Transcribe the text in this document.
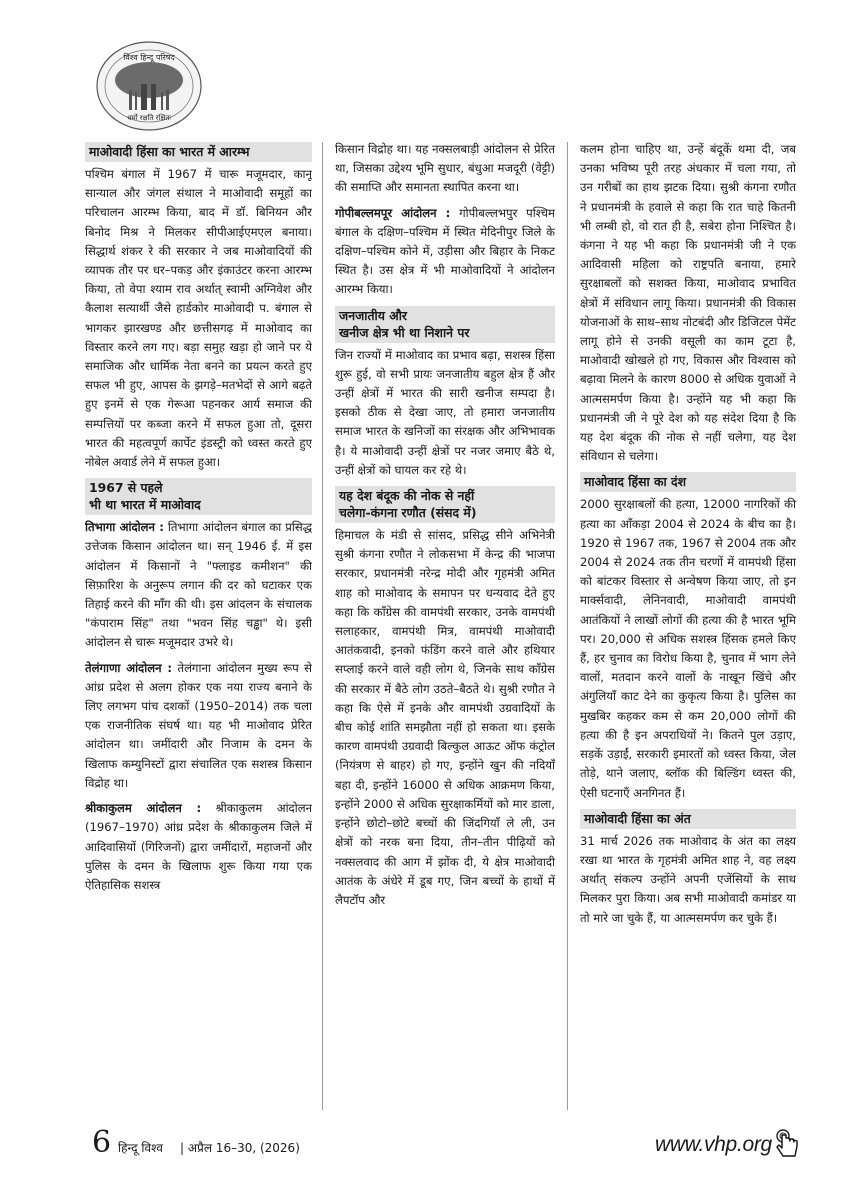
विश्व हिन्दू परिषद
धर्मो रक्षति रक्षितः
माओवादी हिंसा का भारत में आरम्भ

पश्चिम बंगाल में 1967 में चारू मजूमदार, कानू सान्याल और जंगल संथाल ने माओवादी समूहों का परिचालन आरम्भ किया, बाद में डॉ. बिनियन और बिनोद मिश्र ने मिलकर सीपीआईएमएल बनाया। सिद्धार्थ शंकर रे की सरकार ने जब माओवादियों की व्यापक तौर पर धर–पकड़ और इंकाउंटर करना आरम्भ किया, तो वेपा श्याम राव अर्थात् स्वामी अग्निवेश और कैलाश सत्यार्थी जैसे हार्डकोर माओवादी प. बंगाल से भागकर झारखण्ड और छत्तीसगढ़ में माओवाद का विस्तार करने लग गए। बड़ा समुह खड़ा हो जाने पर ये समाजिक और धार्मिक नेता बनने का प्रयत्न करते हुए सफल भी हुए, आपस के झगड़े–मतभेदों से आगे बढ़ते हुए इनमें से एक गेरूआ पहनकर आर्य समाज की सम्पत्तियों पर कब्जा करने में सफल हुआ तो, दूसरा भारत की महत्वपूर्ण कार्पेट इंडस्ट्री को ध्वस्त करते हुए नोबेल अवार्ड लेने में सफल हुआ।

1967 से पहले
भी था भारत में माओवाद

तिभागा आंदोलन : तिभागा आंदोलन बंगाल का प्रसिद्ध उत्तेजक किसान आंदोलन था। सन् 1946 ई. में इस आंदोलन में किसानों ने "फ्लाइड कमीशन" की सिफ़ारिश के अनुरूप लगान की दर को घटाकर एक तिहाई करने की माँग की थी। इस आंदलन के संचालक "कंपाराम सिंह" तथा "भवन सिंह चड्ढा" थे। इसी आंदोलन से चारू मजूमदार उभरे थे।

तेलंगाणा आंदोलन : तेलंगाना आंदोलन मुख्य रूप से आंध्र प्रदेश से अलग होकर एक नया राज्य बनाने के लिए लगभग पांच दशकों (1950–2014) तक चला एक राजनीतिक संघर्ष था। यह भी माओवाद प्रेरित आंदोलन था। जमींदारी और निजाम के दमन के खिलाफ कम्युनिस्टों द्वारा संचालित एक सशस्त्र किसान विद्रोह था।

श्रीकाकुलम आंदोलन : श्रीकाकुलम आंदोलन (1967–1970) आंध्र प्रदेश के श्रीकाकुलम जिले में आदिवासियों (गिरिजनों) द्वारा जमींदारों, महाजनों और पुलिस के दमन के खिलाफ शुरू किया गया एक ऐतिहासिक सशस्त्र

किसान विद्रोह था। यह नक्सलबाड़ी आंदोलन से प्रेरित था, जिसका उद्देश्य भूमि सुधार, बंधुआ मजदूरी (वेट्टी) की समाप्ति और समानता स्थापित करना था।

गोपीबल्लमपूर आंदोलन : गोपीबल्लभपुर पश्चिम बंगाल के दक्षिण–पश्चिम में स्थित मेदिनीपुर जिले के दक्षिण–पश्चिम कोने में, उड़ीसा और बिहार के निकट स्थित है। उस क्षेत्र में भी माओवादियों ने आंदोलन आरम्भ किया।

जनजातीय और
खनीज क्षेत्र भी था निशाने पर

जिन राज्यों में माओवाद का प्रभाव बढ़ा, सशस्त्र हिंसा शुरू हुई, वो सभी प्रायः जनजातीय बहुल क्षेत्र हैं और उन्हीं क्षेत्रों में भारत की सारी खनीज सम्पदा है। इसको ठीक से देखा जाए, तो हमारा जनजातीय समाज भारत के खनिजों का संरक्षक और अभिभावक है। ये माओवादी उन्हीं क्षेत्रों पर नजर जमाए बैठे थे, उन्हीं क्षेत्रों को घायल कर रहे थे।

यह देश बंदूक की नोक से नहीं
चलेगा-कंगना रणौत (संसद में)

हिमाचल के मंडी से सांसद, प्रसिद्ध सीने अभिनेत्री सुश्री कंगना रणौत ने लोकसभा में केन्द्र की भाजपा सरकार, प्रधानमंत्री नरेन्द्र मोदी और गृहमंत्री अमित शाह को माओवाद के समापन पर धन्यवाद देते हुए कहा कि कॉंग्रेस की वामपंथी सरकार, उनके वामपंथी सलाहकार, वामपंथी मित्र, वामपंथी माओवादी आतंकवादी, इनको फंडिंग करने वाले और हथियार सप्लाई करने वाले वही लोग थे, जिनके साथ कॉंग्रेस की सरकार में बैठे लोग उठते–बैठते थे। सुश्री रणौत ने कहा कि ऐसे में इनके और वामपंथी उग्रवादियों के बीच कोई शांति समझौता नहीं हो सकता था। इसके कारण वामपंथी उग्रवादी बिल्कुल आऊट ऑफ कंट्रोल (नियंत्रण से बाहर) हो गए, इन्होंने खुन की नदियाँ बहा दी, इन्होंने 16000 से अधिक आक्रमण किया, इन्होंने 2000 से अधिक सुरक्षाकर्मियों को मार डाला, इन्होंने छोटो–छोटे बच्चों की जिंदगियाँ ले ली, उन क्षेत्रों को नरक बना दिया, तीन–तीन पीढ़ियों को नक्सलवाद की आग में झोंक दी, ये क्षेत्र माओवादी आतंक के अंधेरे में डूब गए, जिन बच्चों के हाथों में लैपटॉप और

कलम होना चाहिए था, उन्हें बंदूकें थमा दी, जब उनका भविष्य पूरी तरह अंधकार में चला गया, तो उन गरीबों का हाथ झटक दिया। सुश्री कंगना रणौत ने प्रधानमंत्री के हवाले से कहा कि रात चाहे कितनी भी लम्बी हो, वो रात ही है, सबेरा होना निश्चित है। कंगना ने यह भी कहा कि प्रधानमंत्री जी ने एक आदिवासी महिला को राष्ट्रपति बनाया, हमारे सुरक्षाबलों को सशक्त किया, माओवाद प्रभावित क्षेत्रों में संविधान लागू किया। प्रधानमंत्री की विकास योजनाओं के साथ–साथ नोटबंदी और डिजिटल पेमेंट लागू होने से उनकी वसूली का काम टूटा है, माओवादी खोखले हो गए, विकास और विश्वास को बढ़ावा मिलने के कारण 8000 से अधिक युवाओं ने आत्मसमर्पण किया है। उन्होंने यह भी कहा कि प्रधानमंत्री जी ने पूरे देश को यह संदेश दिया है कि यह देश बंदूक की नोक से नहीं चलेगा, यह देश संविधान से चलेगा।

माओवाद हिंसा का दंश

2000 सुरक्षाबलों की हत्या, 12000 नागरिकों की हत्या का आँकड़ा 2004 से 2024 के बीच का है। 1920 से 1967 तक, 1967 से 2004 तक और 2004 से 2024 तक तीन चरणों में वामपंथी हिंसा को बांटकर विस्तार से अन्वेषण किया जाए, तो इन मार्क्सवादी, लेनिनवादी, माओवादी वामपंथी आतंकियों ने लाखों लोगों की हत्या की है भारत भूमि पर। 20,000 से अधिक सशस्त्र हिंसक हमले किए हैं, हर चुनाव का विरोध किया है, चुनाव में भाग लेने वालों, मतदान करने वालों के नाखून खिंचे और अंगुलियाँ काट देने का कुकृत्य किया है। पुलिस का मुखबिर कहकर कम से कम 20,000 लोगों की हत्या की है इन अपराधियों ने। कितने पुल उड़ाए, सड़कें उड़ाईं, सरकारी इमारतों को ध्वस्त किया, जेल तोड़े, थाने जलाए, ब्लॉक की बिल्डिंग ध्वस्त की, ऐसी घटनाएँ अनगिनत हैं।

माओवादी हिंसा का अंत

31 मार्च 2026 तक माओवाद के अंत का लक्ष्य रखा था भारत के गृहमंत्री अमित शाह ने, वह लक्ष्य अर्थात् संकल्प उन्होंने अपनी एजेंसियों के साथ मिलकर पुरा किया। अब सभी माओवादी कमांडर या तो मारे जा चुके हैं, या आत्मसमर्पण कर चुके हैं।

6 हिन्दू विश्व | अप्रैल 16–30, (2026)	www.vhp.org
